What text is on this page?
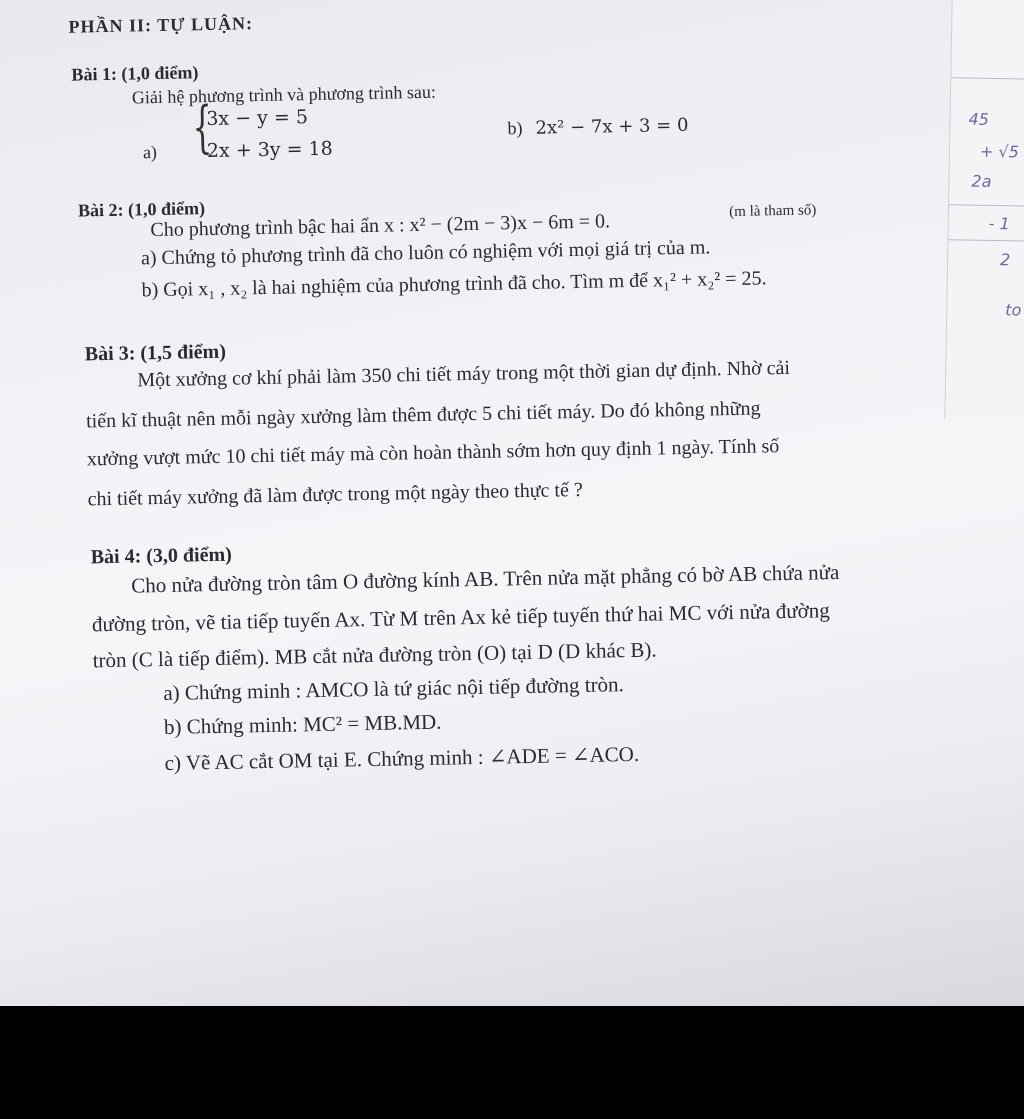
45
+ √5
2a
- 1
2
to
PHẦN II: TỰ LUẬN:
Bài 1: (1,0 điểm)
Giải hệ phương trình và phương trình sau:
a) {
3x − y = 5
2x + 3y = 18
b) 2x² − 7x + 3 = 0
Bài 2: (1,0 điểm)
Cho phương trình bậc hai ẩn x : x² − (2m − 3)x − 6m = 0.	(m là tham số)
a) Chứng tỏ phương trình đã cho luôn có nghiệm với mọi giá trị của m.
b) Gọi x₁ , x₂ là hai nghiệm của phương trình đã cho. Tìm m để x₁² + x₂² = 25.
Bài 3: (1,5 điểm)
Một xưởng cơ khí phải làm 350 chi tiết máy trong một thời gian dự định. Nhờ cải
tiến kĩ thuật nên mỗi ngày xưởng làm thêm được 5 chi tiết máy. Do đó không những
xưởng vượt mức 10 chi tiết máy mà còn hoàn thành sớm hơn quy định 1 ngày. Tính số
chi tiết máy xưởng đã làm được trong một ngày theo thực tế ?
Bài 4: (3,0 điểm)
Cho nửa đường tròn tâm O đường kính AB. Trên nửa mặt phẳng có bờ AB chứa nửa
đường tròn, vẽ tia tiếp tuyến Ax. Từ M trên Ax kẻ tiếp tuyến thứ hai MC với nửa đường
tròn (C là tiếp điểm). MB cắt nửa đường tròn (O) tại D (D khác B).
a) Chứng minh : AMCO là tứ giác nội tiếp đường tròn.
b) Chứng minh: MC² = MB.MD.
c) Vẽ AC cắt OM tại E. Chứng minh : ∠ADE = ∠ACO.
